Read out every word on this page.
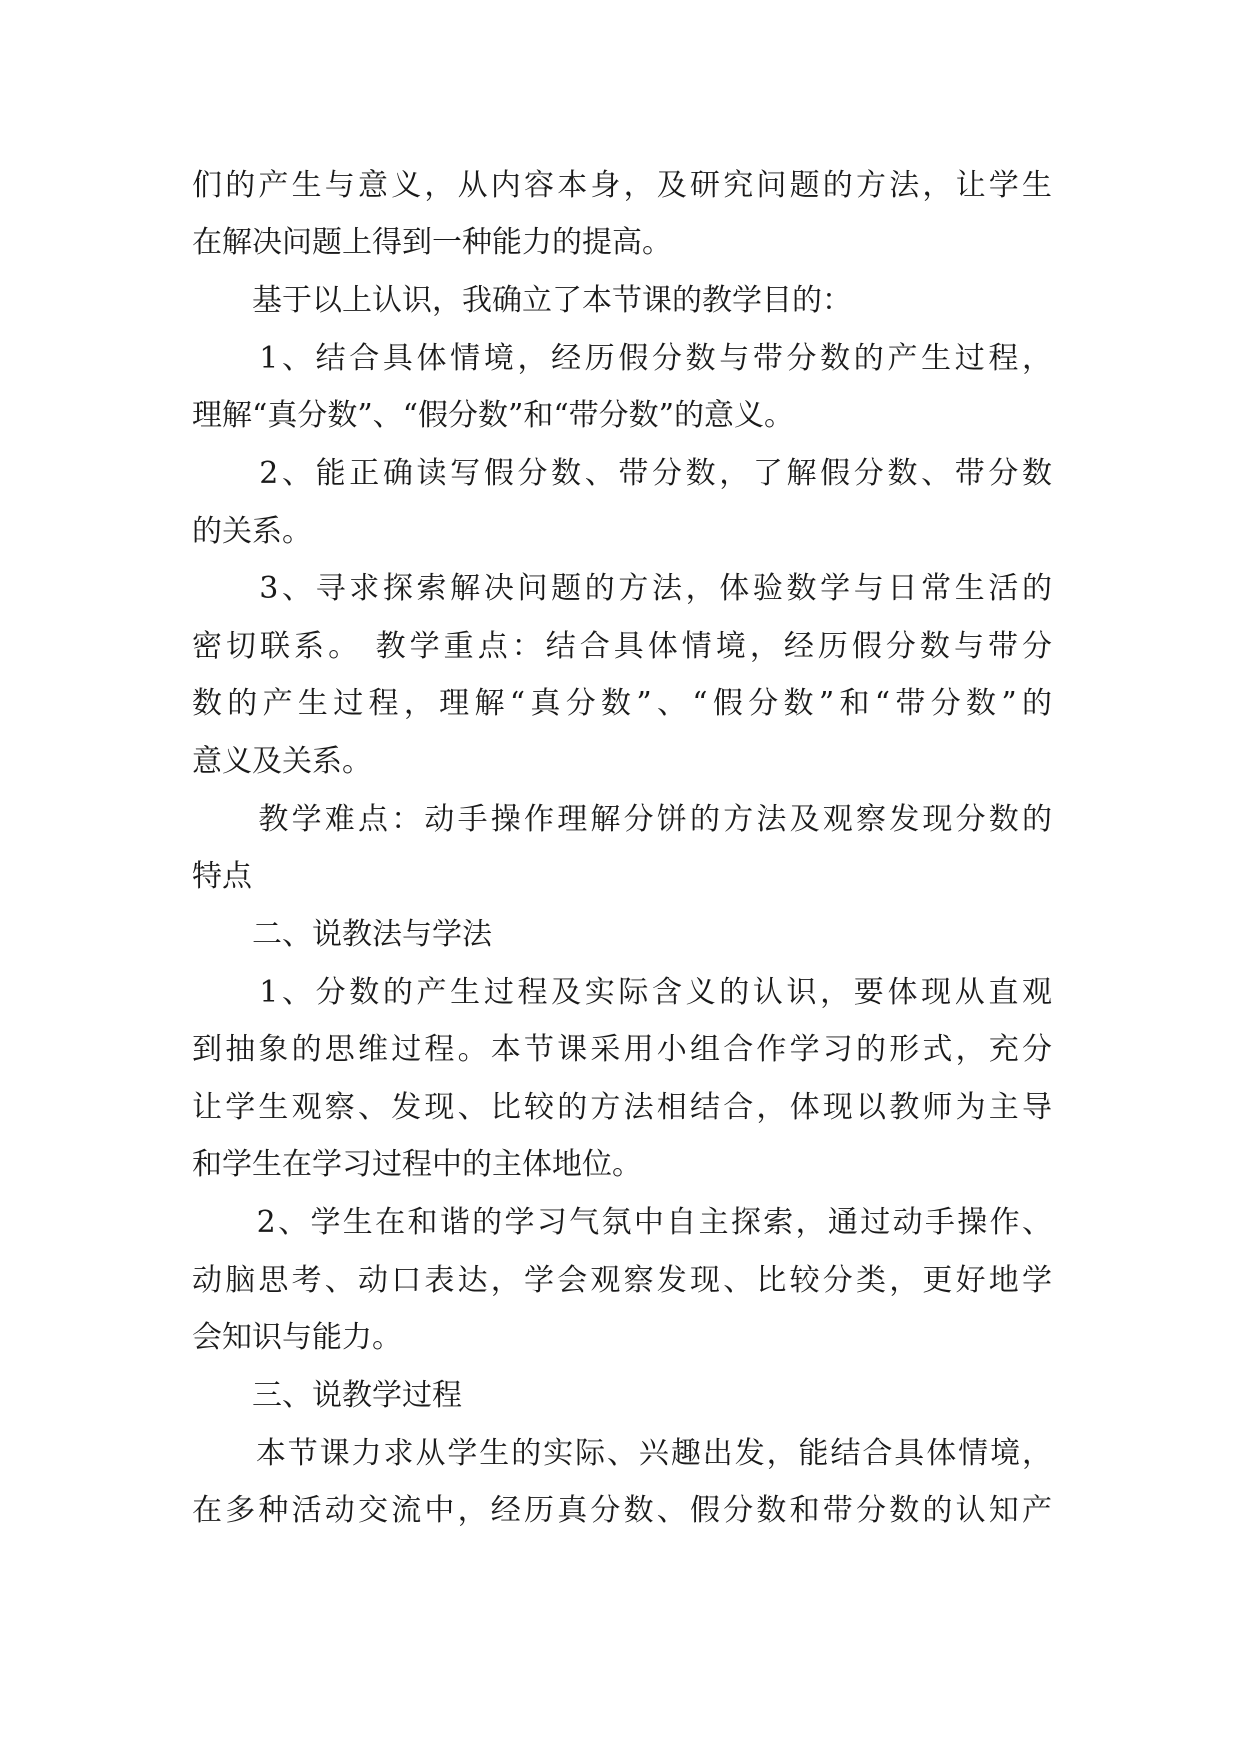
们的产生与意义，从内容本身，及研究问题的方法，让学生
在解决问题上得到一种能力的提高。
　　基于以上认识，我确立了本节课的教学目的：
　　1、结合具体情境，经历假分数与带分数的产生过程，
理解“真分数”、“假分数”和“带分数”的意义。
　　2、能正确读写假分数、带分数，了解假分数、带分数
的关系。
　　3、寻求探索解决问题的方法，体验数学与日常生活的
密切联系。 教学重点：结合具体情境，经历假分数与带分
数的产生过程，理解“真分数”、“假分数”和“带分数”的
意义及关系。
　　教学难点：动手操作理解分饼的方法及观察发现分数的
特点
　　二、说教法与学法
　　1、分数的产生过程及实际含义的认识，要体现从直观
到抽象的思维过程。本节课采用小组合作学习的形式，充分
让学生观察、发现、比较的方法相结合，体现以教师为主导
和学生在学习过程中的主体地位。
　　2、学生在和谐的学习气氛中自主探索，通过动手操作、
动脑思考、动口表达，学会观察发现、比较分类，更好地学
会知识与能力。
　　三、说教学过程
　　本节课力求从学生的实际、兴趣出发，能结合具体情境，
在多种活动交流中，经历真分数、假分数和带分数的认知产
